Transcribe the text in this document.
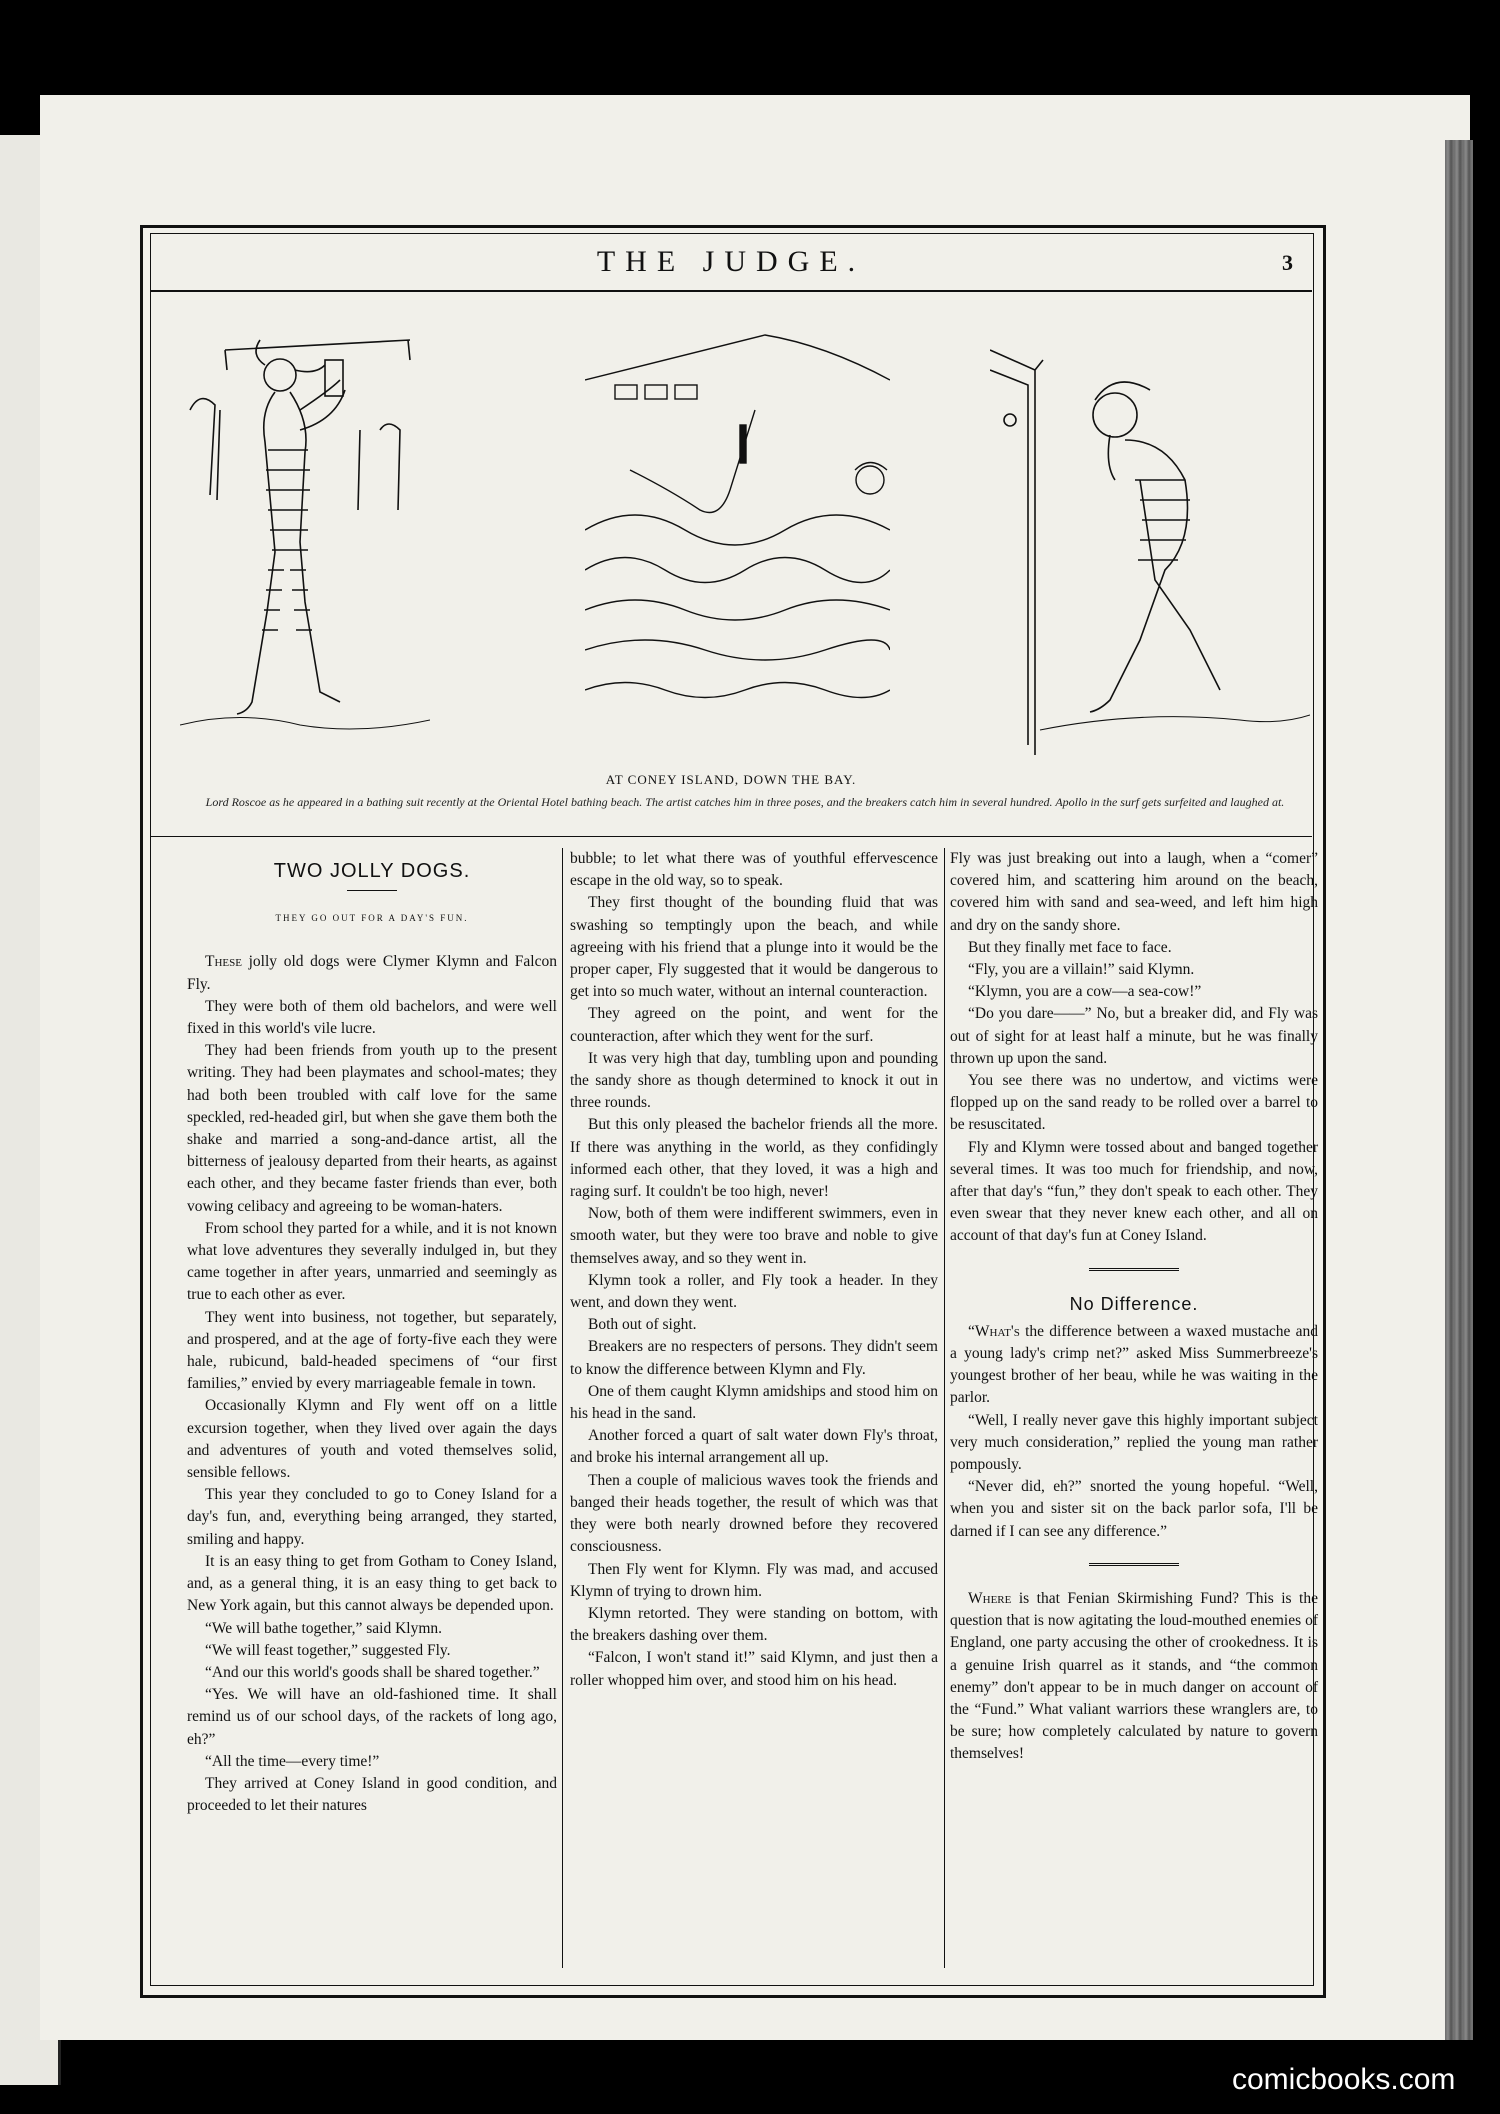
THE JUDGE.	3
AT CONEY ISLAND, DOWN THE BAY.
Lord Roscoe as he appeared in a bathing suit recently at the Oriental Hotel bathing beach. The artist catches him in three poses, and the breakers catch him in several hundred. Apollo in the surf gets surfeited and laughed at.
TWO JOLLY DOGS.
THEY GO OUT FOR A DAY'S FUN.

These jolly old dogs were Clymer Klymn and Falcon Fly.

They were both of them old bachelors, and were well fixed in this world's vile lucre.

They had been friends from youth up to the present writing. They had been playmates and school-mates; they had both been troubled with calf love for the same speckled, red-headed girl, but when she gave them both the shake and married a song-and-dance artist, all the bitterness of jealousy departed from their hearts, as against each other, and they became faster friends than ever, both vowing celibacy and agreeing to be woman-haters.

From school they parted for a while, and it is not known what love adventures they severally indulged in, but they came together in after years, unmarried and seemingly as true to each other as ever.

They went into business, not together, but separately, and prospered, and at the age of forty-five each they were hale, rubicund, bald-headed specimens of “our first families,” envied by every marriageable female in town.

Occasionally Klymn and Fly went off on a little excursion together, when they lived over again the days and adventures of youth and voted themselves solid, sensible fellows.

This year they concluded to go to Coney Island for a day's fun, and, everything being arranged, they started, smiling and happy.

It is an easy thing to get from Gotham to Coney Island, and, as a general thing, it is an easy thing to get back to New York again, but this cannot always be depended upon.

“We will bathe together,” said Klymn.

“We will feast together,” suggested Fly.

“And our this world's goods shall be shared together.”

“Yes. We will have an old-fashioned time. It shall remind us of our school days, of the rackets of long ago, eh?”

“All the time—every time!”

They arrived at Coney Island in good condition, and proceeded to let their natures

bubble; to let what there was of youthful effervescence escape in the old way, so to speak.

They first thought of the bounding fluid that was swashing so temptingly upon the beach, and while agreeing with his friend that a plunge into it would be the proper caper, Fly suggested that it would be dangerous to get into so much water, without an internal counteraction.

They agreed on the point, and went for the counteraction, after which they went for the surf.

It was very high that day, tumbling upon and pounding the sandy shore as though determined to knock it out in three rounds.

But this only pleased the bachelor friends all the more. If there was anything in the world, as they confidingly informed each other, that they loved, it was a high and raging surf. It couldn't be too high, never!

Now, both of them were indifferent swimmers, even in smooth water, but they were too brave and noble to give themselves away, and so they went in.

Klymn took a roller, and Fly took a header. In they went, and down they went.

Both out of sight.

Breakers are no respecters of persons. They didn't seem to know the difference between Klymn and Fly.

One of them caught Klymn amidships and stood him on his head in the sand.

Another forced a quart of salt water down Fly's throat, and broke his internal arrangement all up.

Then a couple of malicious waves took the friends and banged their heads together, the result of which was that they were both nearly drowned before they recovered consciousness.

Then Fly went for Klymn. Fly was mad, and accused Klymn of trying to drown him.

Klymn retorted. They were standing on bottom, with the breakers dashing over them.

“Falcon, I won't stand it!” said Klymn, and just then a roller whopped him over, and stood him on his head.

Fly was just breaking out into a laugh, when a “comer” covered him, and scattering him around on the beach, covered him with sand and sea-weed, and left him high and dry on the sandy shore.

But they finally met face to face.

“Fly, you are a villain!” said Klymn.

“Klymn, you are a cow—a sea-cow!”

“Do you dare——” No, but a breaker did, and Fly was out of sight for at least half a minute, but he was finally thrown up upon the sand.

You see there was no undertow, and victims were flopped up on the sand ready to be rolled over a barrel to be resuscitated.

Fly and Klymn were tossed about and banged together several times. It was too much for friendship, and now, after that day's “fun,” they don't speak to each other. They even swear that they never knew each other, and all on account of that day's fun at Coney Island.

No Difference.

“What's the difference between a waxed mustache and a young lady's crimp net?” asked Miss Summerbreeze's youngest brother of her beau, while he was waiting in the parlor.

“Well, I really never gave this highly important subject very much consideration,” replied the young man rather pompously.

“Never did, eh?” snorted the young hopeful. “Well, when you and sister sit on the back parlor sofa, I'll be darned if I can see any difference.”

Where is that Fenian Skirmishing Fund? This is the question that is now agitating the loud-mouthed enemies of England, one party accusing the other of crookedness. It is a genuine Irish quarrel as it stands, and “the common enemy” don't appear to be in much danger on account of the “Fund.” What valiant warriors these wranglers are, to be sure; how completely calculated by nature to govern themselves!

comicbooks.com
